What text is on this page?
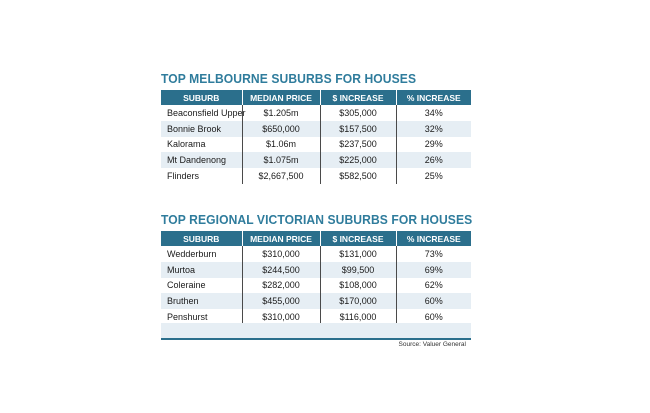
TOP MELBOURNE SUBURBS FOR HOUSES
SUBURB	MEDIAN PRICE	$ INCREASE	% INCREASE
Beaconsfield Upper	$1.205m	$305,000	34%
Bonnie Brook	$650,000	$157,500	32%
Kalorama	$1.06m	$237,500	29%
Mt Dandenong	$1.075m	$225,000	26%
Flinders	$2,667,500	$582,500	25%
TOP REGIONAL VICTORIAN SUBURBS FOR HOUSES
SUBURB	MEDIAN PRICE	$ INCREASE	% INCREASE
Wedderburn	$310,000	$131,000	73%
Murtoa	$244,500	$99,500	69%
Coleraine	$282,000	$108,000	62%
Bruthen	$455,000	$170,000	60%
Penshurst	$310,000	$116,000	60%
Source: Valuer General
